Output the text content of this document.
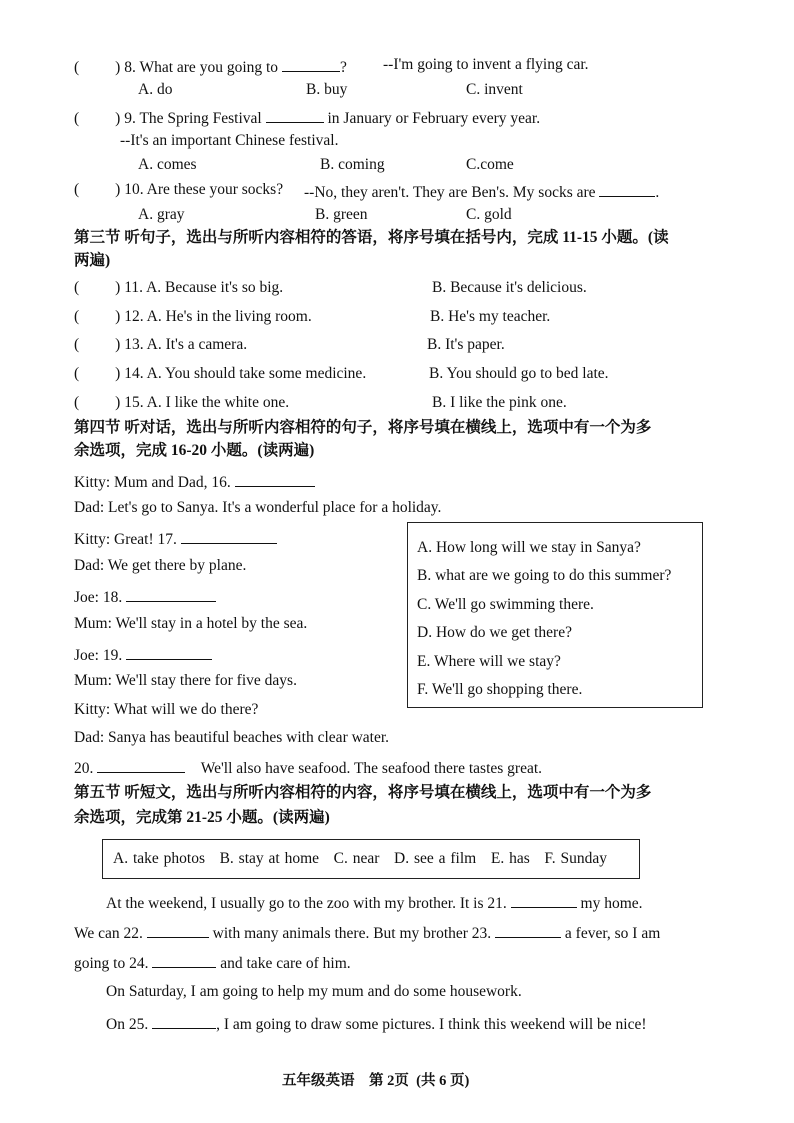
( ) 8. What are you going to	? --I'm going to invent a flying car.
A. do	B. buy	C. invent
( ) 9. The Spring Festival	in January or February every year.
--It's an important Chinese festival.
A. comes	B. coming	C.come
( ) 10. Are these your socks? --No, they aren't. They are Ben's. My socks are	.
A. gray	B. green	C. gold
第三节 听句子，选出与所听内容相符的答语，将序号填在括号内，完成 11-15 小题。(读
两遍)
( ) 11. A. Because it's so big.	B. Because it's delicious.
( ) 12. A. He's in the living room.	B. He's my teacher.
( ) 13. A. It's a camera.	B. It's paper.
( ) 14. A. You should take some medicine.	B. You should go to bed late.
( ) 15. A. I like the white one.	B. I like the pink one.
第四节 听对话，选出与所听内容相符的句子，将序号填在横线上，选项中有一个为多
余选项，完成 16-20 小题。(读两遍)
Kitty: Mum and Dad, 16.
Dad: Let's go to Sanya. It's a wonderful place for a holiday.
Kitty: Great! 17.
Dad: We get there by plane.
Joe: 18.
Mum: We'll stay in a hotel by the sea.
Joe: 19.
Mum: We'll stay there for five days.
Kitty: What will we do there?
Dad: Sanya has beautiful beaches with clear water.
20.	We'll also have seafood. The seafood there tastes great.
A. How long will we stay in Sanya?
B. what are we going to do this summer?
C. We'll go swimming there.
D. How do we get there?
E. Where will we stay?
F. We'll go shopping there.
第五节 听短文，选出与所听内容相符的内容，将序号填在横线上，选项中有一个为多
余选项，完成第 21-25 小题。(读两遍)
A. take photos   B. stay at home   C. near   D. see a film   E. has   F. Sunday
At the weekend, I usually go to the zoo with my brother. It is 21.	my home.
We can 22.	with many animals there. But my brother 23.	a fever, so I am
going to 24.	and take care of him.
On Saturday, I am going to help my mum and do some housework.
On 25.	, I am going to draw some pictures. I think this weekend will be nice!
五年级英语    第 2页  (共 6 页)
